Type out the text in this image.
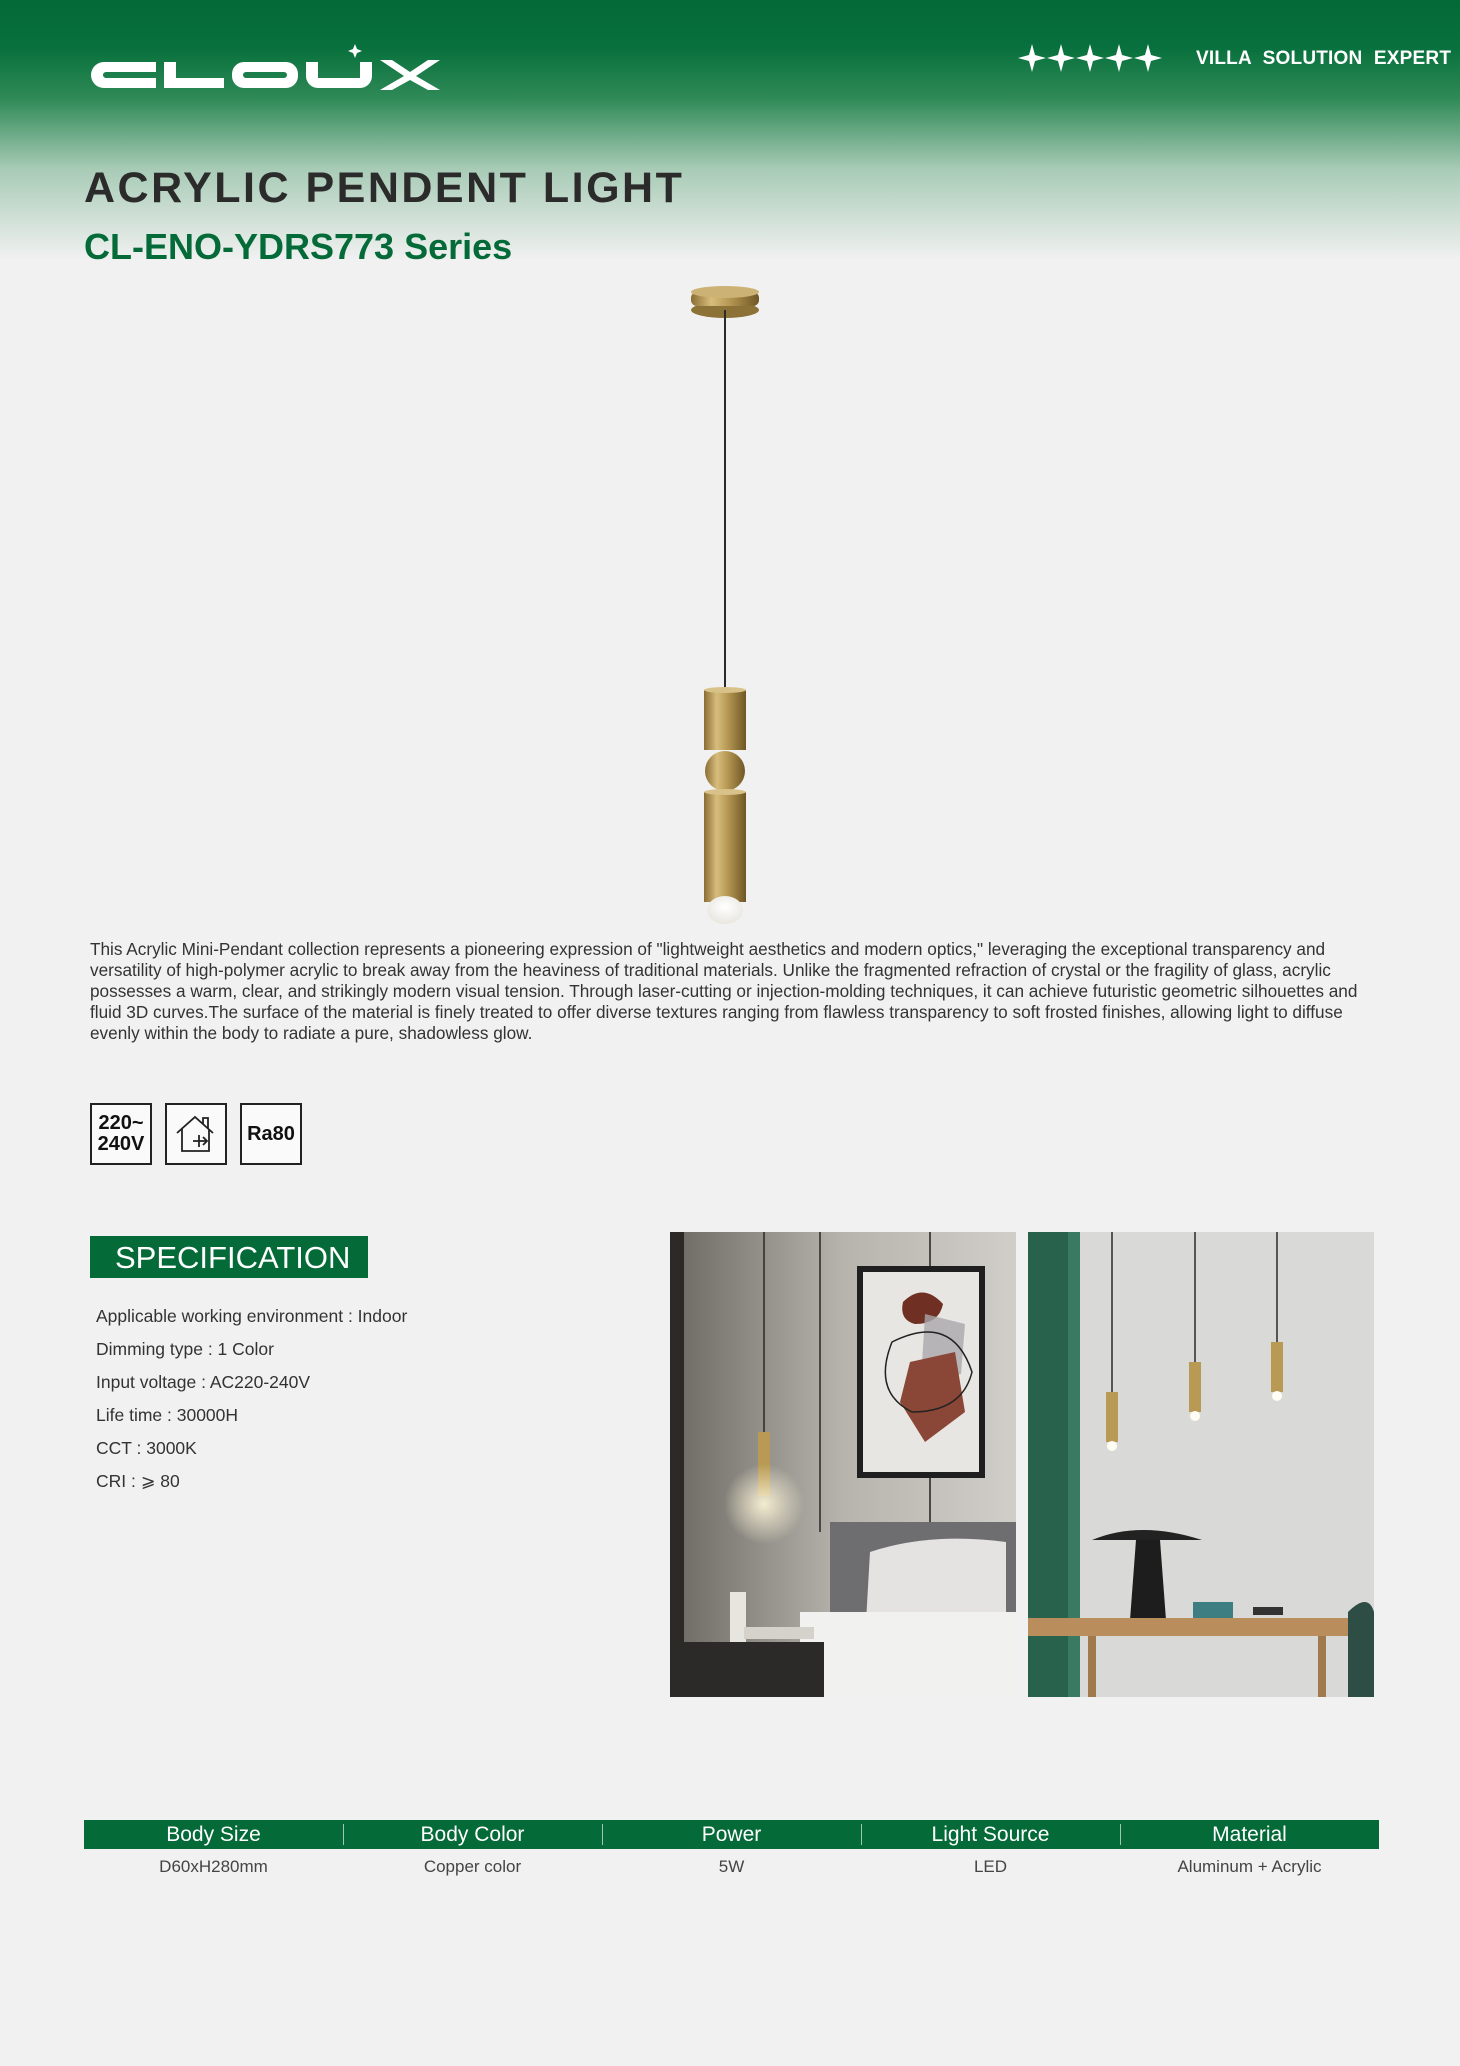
VILLA SOLUTION EXPERT
ACRYLIC PENDENT LIGHT
CL-ENO-YDRS773 Series

This Acrylic Mini-Pendant collection represents a pioneering expression of "lightweight aesthetics and modern optics," leveraging the exceptional transparency and versatility of high-polymer acrylic to break away from the heaviness of traditional materials. Unlike the fragmented refraction of crystal or the fragility of glass, acrylic possesses a warm, clear, and strikingly modern visual tension. Through laser-cutting or injection-molding techniques, it can achieve futuristic geometric silhouettes and fluid 3D curves.The surface of the material is finely treated to offer diverse textures ranging from flawless transparency to soft frosted finishes, allowing light to diffuse evenly within the body to radiate a pure, shadowless glow.

220~
240V	Ra80
SPECIFICATION
Applicable working environment : Indoor
Dimming type : 1 Color
Input voltage : AC220-240V
Life time : 30000H
CCT : 3000K
CRI : ⩾ 80
Body Size	Body Color	Power	Light Source	Material
D60xH280mm	Copper color	5W	LED	Aluminum + Acrylic
